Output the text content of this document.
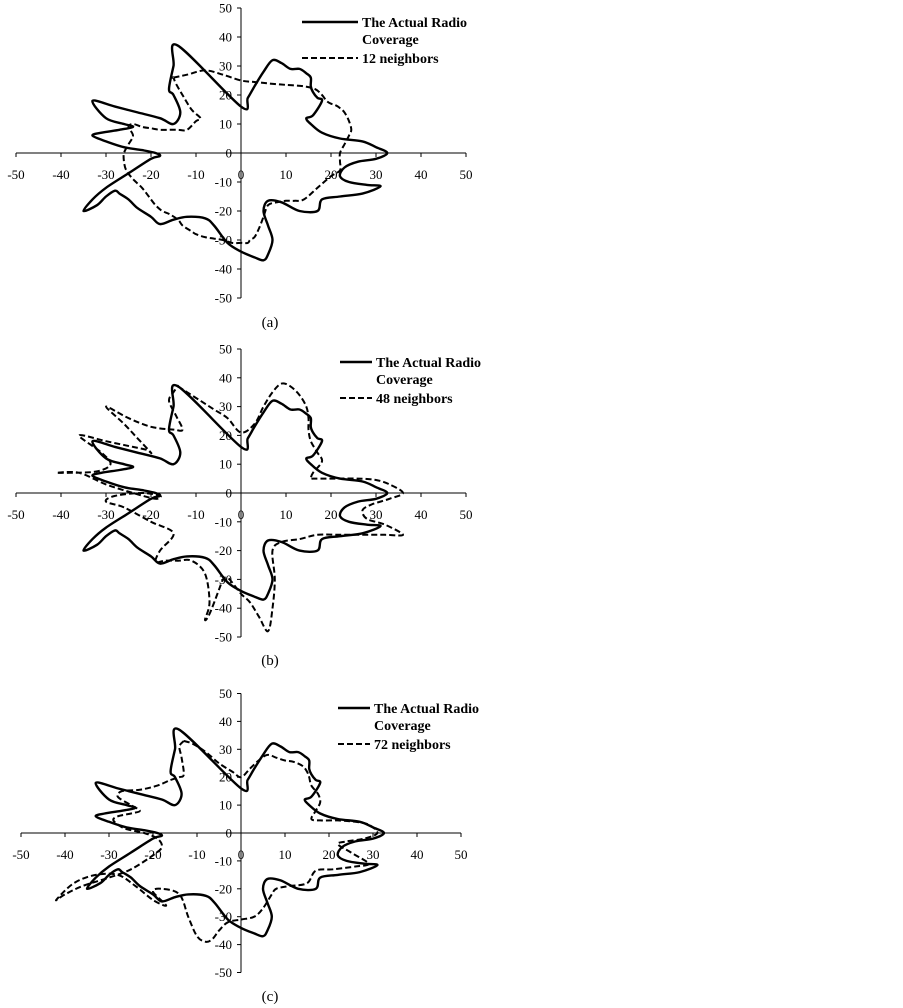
-50 -40 -30 -20 -10	0	10 20 30 40 50
-50
-40
-30
-20
-10
0
10
20
30
40
50
The Actual Radio
Coverage
12 neighbors
(a)
-50 -40 -30 -20 -10	0	10 20 30 40 50
-50
-40
-30
-20
-10
0
10
20
30
40
50
The Actual Radio
Coverage
48 neighbors
(b)
-50 -40 -30 -20 -10 0	10 20 30 40 50
-50
-40
-30
-20
-10
0
10
20
30
40
50
The Actual Radio
Coverage
72 neighbors
(c)
